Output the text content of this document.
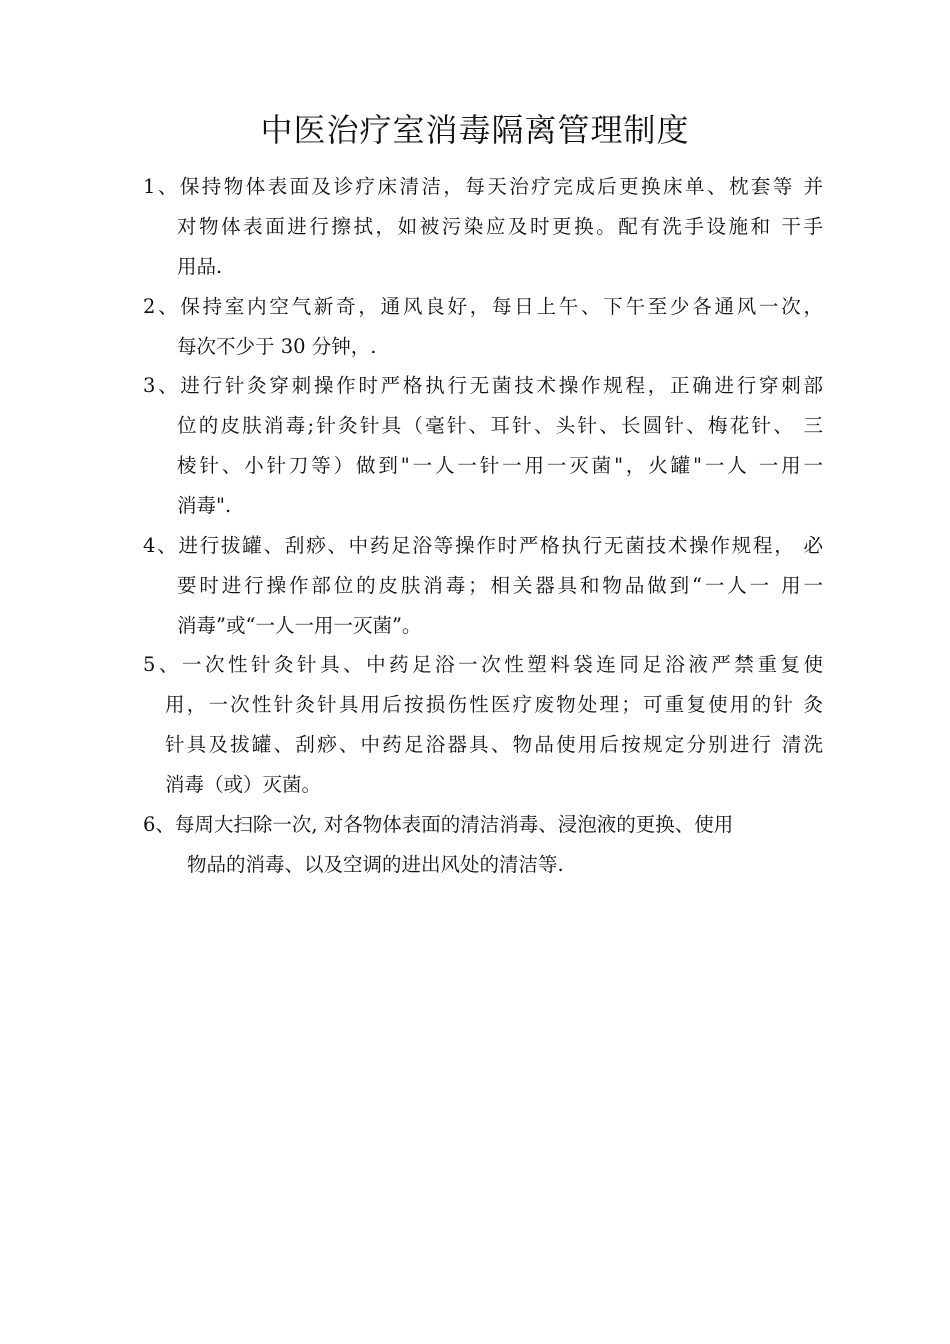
中医治疗室消毒隔离管理制度
1、保持物体表面及诊疗床清洁，每天治疗完成后更换床单、枕套等 并
对物体表面进行擦拭，如被污染应及时更换。配有洗手设施和 干手
用品.
2、保持室内空气新奇，通风良好，每日上午、下午至少各通风一次，
每次不少于 30 分钟，.
3、进行针灸穿刺操作时严格执行无菌技术操作规程，正确进行穿刺部
位的皮肤消毒;针灸针具（毫针、耳针、头针、长圆针、梅花针、 三
棱针、小针刀等）做到"一人一针一用一灭菌"，火罐"一人 一用一
消毒".
4、进行拔罐、刮痧、中药足浴等操作时严格执行无菌技术操作规程， 必
要时进行操作部位的皮肤消毒；相关器具和物品做到“一人一 用一
消毒”或“一人一用一灭菌”。
5、一次性针灸针具、中药足浴一次性塑料袋连同足浴液严禁重复使
用，一次性针灸针具用后按损伤性医疗废物处理；可重复使用的针 灸
针具及拔罐、刮痧、中药足浴器具、物品使用后按规定分别进行 清洗
消毒（或）灭菌。
6、每周大扫除一次, 对各物体表面的清洁消毒、浸泡液的更换、使用
物品的消毒、以及空调的进出风处的清洁等.
